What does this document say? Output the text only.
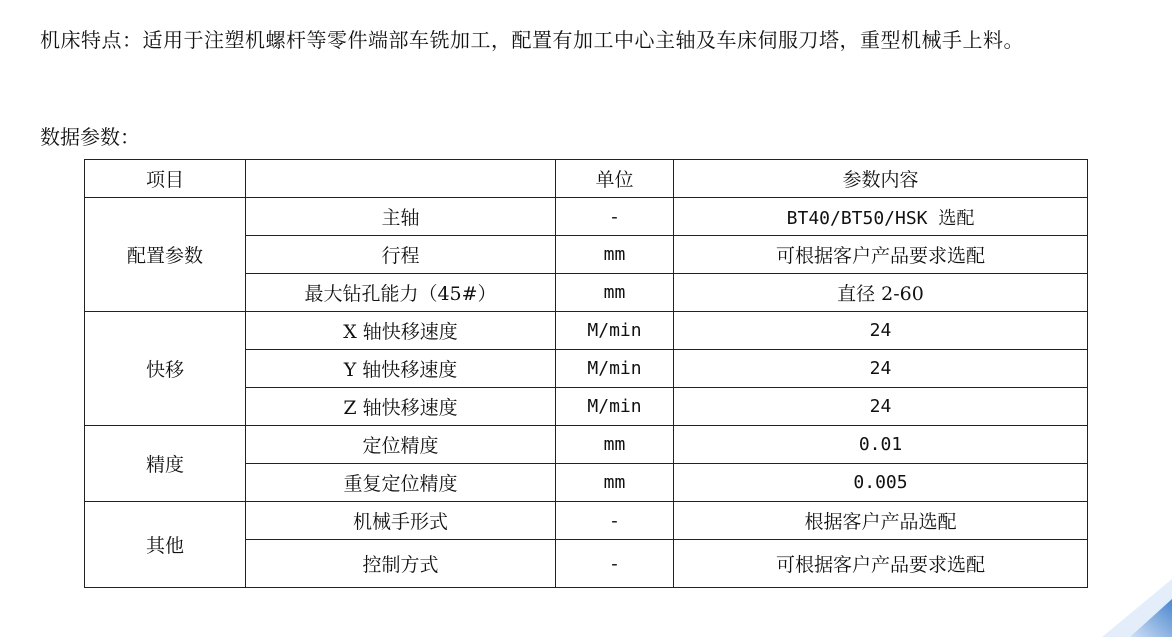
机床特点：适用于注塑机螺杆等零件端部车铣加工，配置有加工中心主轴及车床伺服刀塔，重型机械手上料。
数据参数：
项目		单位	参数内容
配置参数	主轴	-	BT40/BT50/HSK 选配
	行程	mm	可根据客户产品要求选配
	最大钻孔能力（45#）	mm	直径 2-60
快移	X 轴快移速度	M/min	24
	Y 轴快移速度	M/min	24
	Z 轴快移速度	M/min	24
精度	定位精度	mm	0.01
	重复定位精度	mm	0.005
其他	机械手形式	-	根据客户产品选配
	控制方式	-	可根据客户产品要求选配
